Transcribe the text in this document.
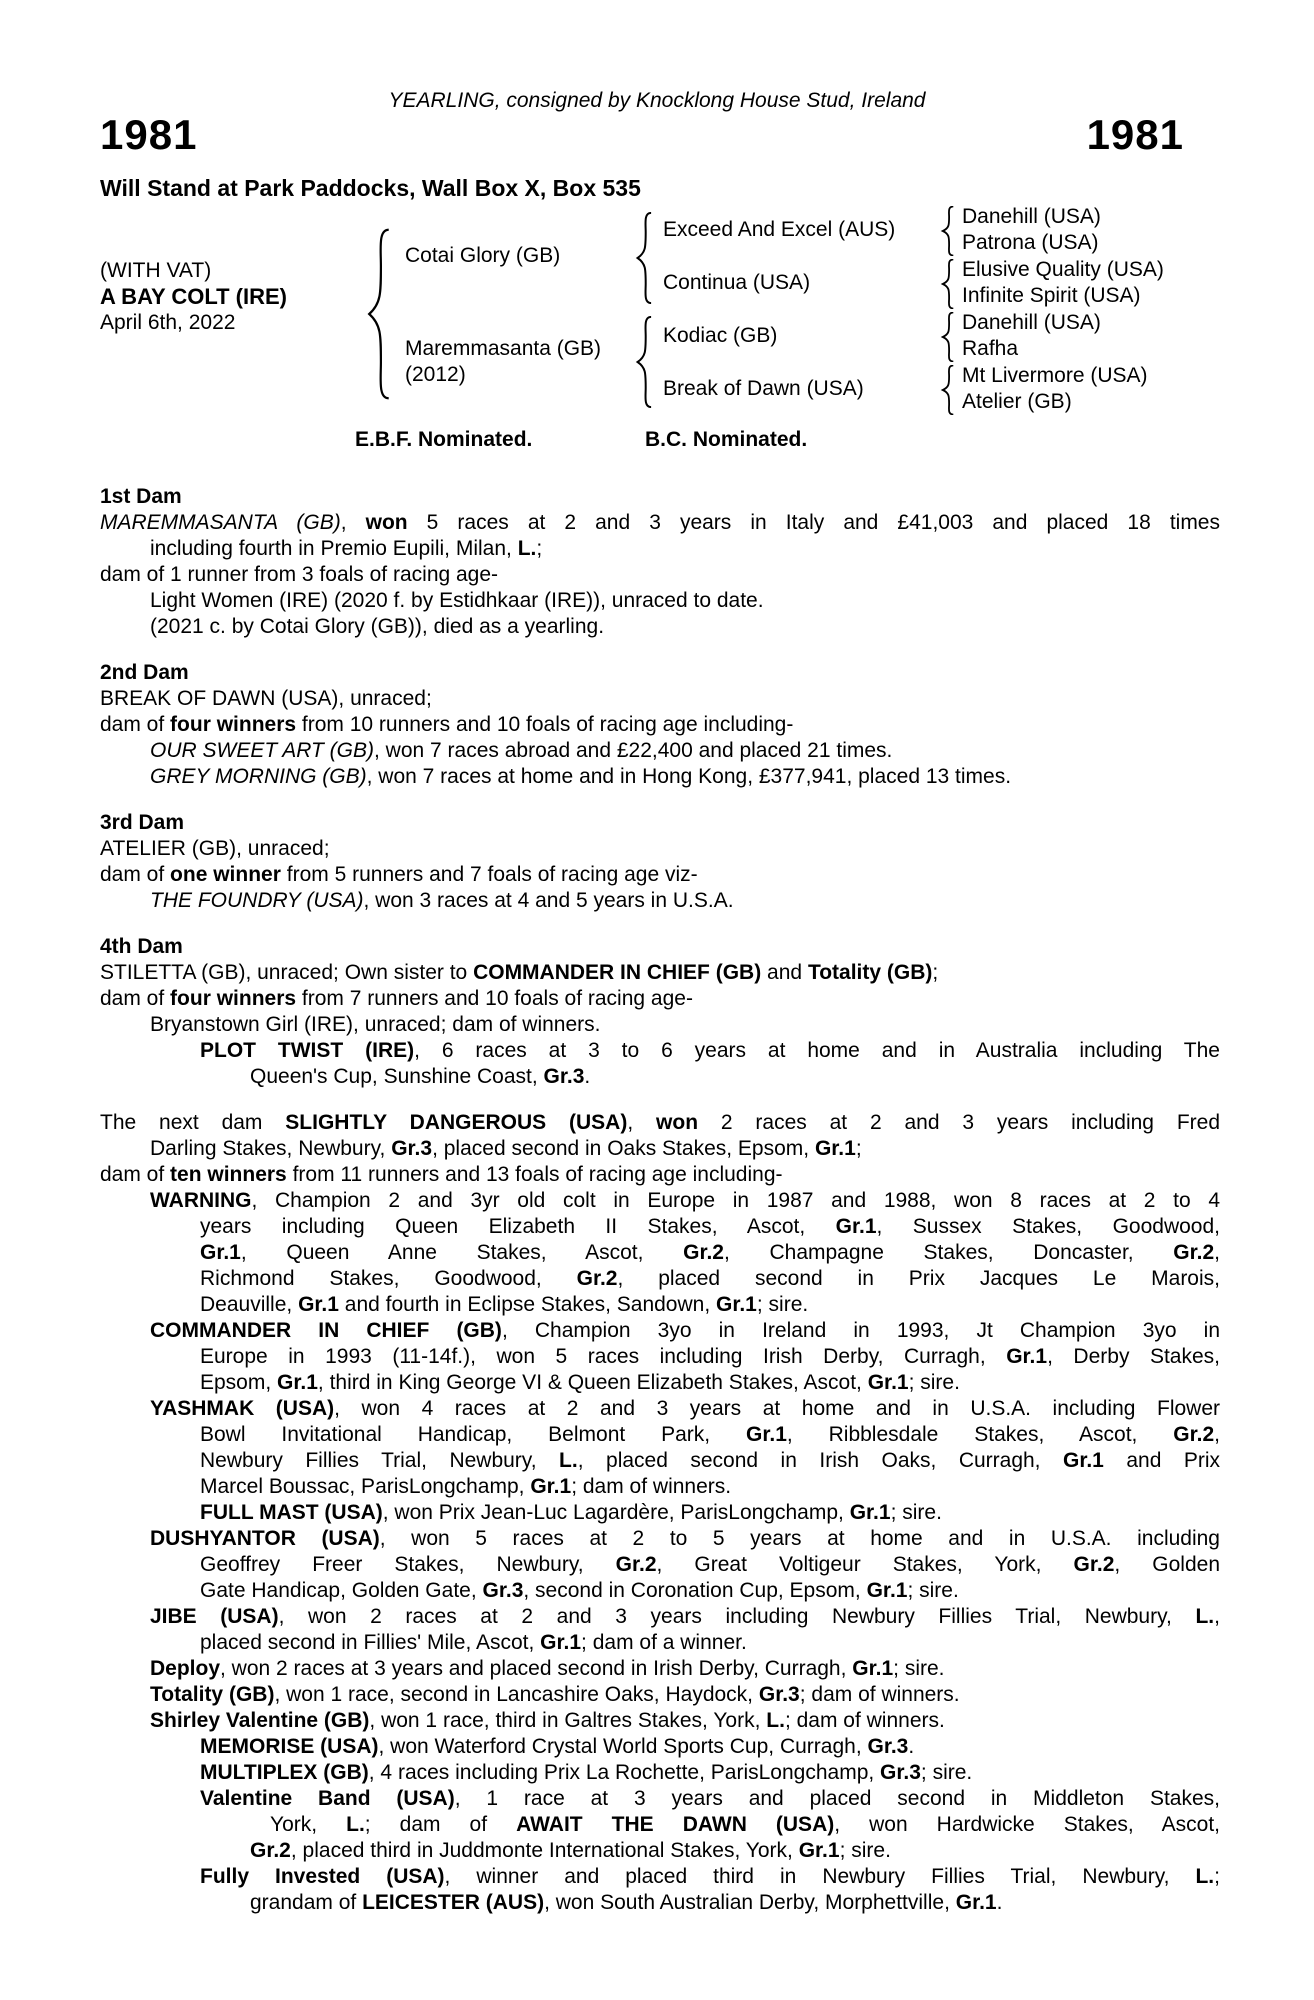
YEARLING, consigned by Knocklong House Stud, Ireland
1981	1981
Will Stand at Park Paddocks, Wall Box X, Box 535
(WITH VAT)
A BAY COLT (IRE)
April 6th, 2022
Cotai Glory (GB)
Maremmasanta (GB)
(2012)
Exceed And Excel (AUS)
Continua (USA)
Kodiac (GB)
Break of Dawn (USA)
Danehill (USA)
Patrona (USA)
Elusive Quality (USA)
Infinite Spirit (USA)
Danehill (USA)
Rafha
Mt Livermore (USA)
Atelier (GB)
E.B.F. Nominated.	B.C. Nominated.
1st Dam
MAREMMASANTA (GB), won 5 races at 2 and 3 years in Italy and £41,003 and placed 18 times
including fourth in Premio Eupili, Milan, L.;
dam of 1 runner from 3 foals of racing age-
Light Women (IRE) (2020 f. by Estidhkaar (IRE)), unraced to date.
(2021 c. by Cotai Glory (GB)), died as a yearling.
2nd Dam
BREAK OF DAWN (USA), unraced;
dam of four winners from 10 runners and 10 foals of racing age including-
OUR SWEET ART (GB), won 7 races abroad and £22,400 and placed 21 times.
GREY MORNING (GB), won 7 races at home and in Hong Kong, £377,941, placed 13 times.
3rd Dam
ATELIER (GB), unraced;
dam of one winner from 5 runners and 7 foals of racing age viz-
THE FOUNDRY (USA), won 3 races at 4 and 5 years in U.S.A.
4th Dam
STILETTA (GB), unraced; Own sister to COMMANDER IN CHIEF (GB) and Totality (GB);
dam of four winners from 7 runners and 10 foals of racing age-
Bryanstown Girl (IRE), unraced; dam of winners.
PLOT TWIST (IRE), 6 races at 3 to 6 years at home and in Australia including The
Queen's Cup, Sunshine Coast, Gr.3.
The next dam SLIGHTLY DANGEROUS (USA), won 2 races at 2 and 3 years including Fred
Darling Stakes, Newbury, Gr.3, placed second in Oaks Stakes, Epsom, Gr.1;
dam of ten winners from 11 runners and 13 foals of racing age including-
WARNING, Champion 2 and 3yr old colt in Europe in 1987 and 1988, won 8 races at 2 to 4
years including Queen Elizabeth II Stakes, Ascot, Gr.1, Sussex Stakes, Goodwood,
Gr.1, Queen Anne Stakes, Ascot, Gr.2, Champagne Stakes, Doncaster, Gr.2,
Richmond Stakes, Goodwood, Gr.2, placed second in Prix Jacques Le Marois,
Deauville, Gr.1 and fourth in Eclipse Stakes, Sandown, Gr.1; sire.
COMMANDER IN CHIEF (GB), Champion 3yo in Ireland in 1993, Jt Champion 3yo in
Europe in 1993 (11-14f.), won 5 races including Irish Derby, Curragh, Gr.1, Derby Stakes,
Epsom, Gr.1, third in King George VI & Queen Elizabeth Stakes, Ascot, Gr.1; sire.
YASHMAK (USA), won 4 races at 2 and 3 years at home and in U.S.A. including Flower
Bowl Invitational Handicap, Belmont Park, Gr.1, Ribblesdale Stakes, Ascot, Gr.2,
Newbury Fillies Trial, Newbury, L., placed second in Irish Oaks, Curragh, Gr.1 and Prix
Marcel Boussac, ParisLongchamp, Gr.1; dam of winners.
FULL MAST (USA), won Prix Jean-Luc Lagardère, ParisLongchamp, Gr.1; sire.
DUSHYANTOR (USA), won 5 races at 2 to 5 years at home and in U.S.A. including
Geoffrey Freer Stakes, Newbury, Gr.2, Great Voltigeur Stakes, York, Gr.2, Golden
Gate Handicap, Golden Gate, Gr.3, second in Coronation Cup, Epsom, Gr.1; sire.
JIBE (USA), won 2 races at 2 and 3 years including Newbury Fillies Trial, Newbury, L.,
placed second in Fillies' Mile, Ascot, Gr.1; dam of a winner.
Deploy, won 2 races at 3 years and placed second in Irish Derby, Curragh, Gr.1; sire.
Totality (GB), won 1 race, second in Lancashire Oaks, Haydock, Gr.3; dam of winners.
Shirley Valentine (GB), won 1 race, third in Galtres Stakes, York, L.; dam of winners.
MEMORISE (USA), won Waterford Crystal World Sports Cup, Curragh, Gr.3.
MULTIPLEX (GB), 4 races including Prix La Rochette, ParisLongchamp, Gr.3; sire.
Valentine Band (USA), 1 race at 3 years and placed second in Middleton Stakes,
York, L.; dam of AWAIT THE DAWN (USA), won Hardwicke Stakes, Ascot,
Gr.2, placed third in Juddmonte International Stakes, York, Gr.1; sire.
Fully Invested (USA), winner and placed third in Newbury Fillies Trial, Newbury, L.;
grandam of LEICESTER (AUS), won South Australian Derby, Morphettville, Gr.1.
